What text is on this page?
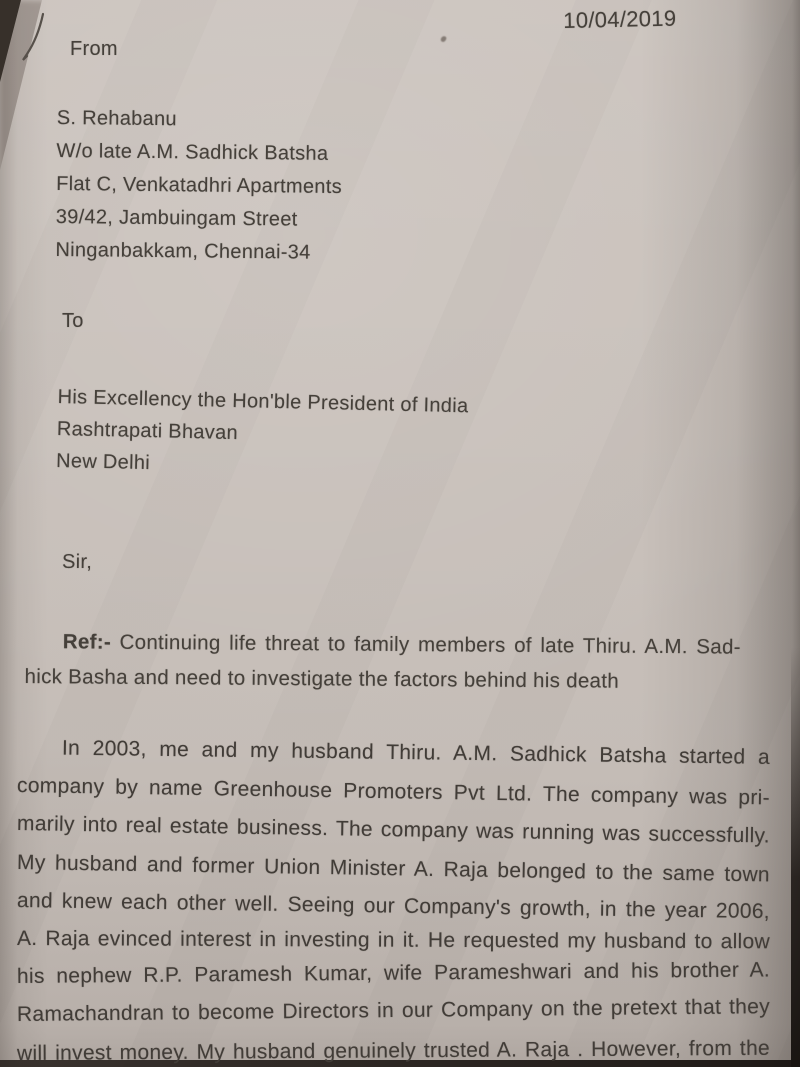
10/04/2019
From
S. Rehabanu
W/o late A.M. Sadhick Batsha
Flat C, Venkatadhri Apartments
39/42, Jambuingam Street
Ninganbakkam, Chennai-34
To
His Excellency the Hon'ble President of India
Rashtrapati Bhavan
New Delhi
Sir,
Ref:- Continuing life threat to family members of late Thiru. A.M. Sad-
hick Basha and need to investigate the factors behind his death
In 2003, me and my husband Thiru. A.M. Sadhick Batsha started a
company by name Greenhouse Promoters Pvt Ltd. The company was pri-
marily into real estate business. The company was running was successfully.
My husband and former Union Minister A. Raja belonged to the same town
and knew each other well. Seeing our Company's growth, in the year 2006,
A. Raja evinced interest in investing in it. He requested my husband to allow
his nephew R.P. Paramesh Kumar, wife Parameshwari and his brother A.
Ramachandran to become Directors in our Company on the pretext that they
will invest money. My husband genuinely trusted A. Raja . However, from the
